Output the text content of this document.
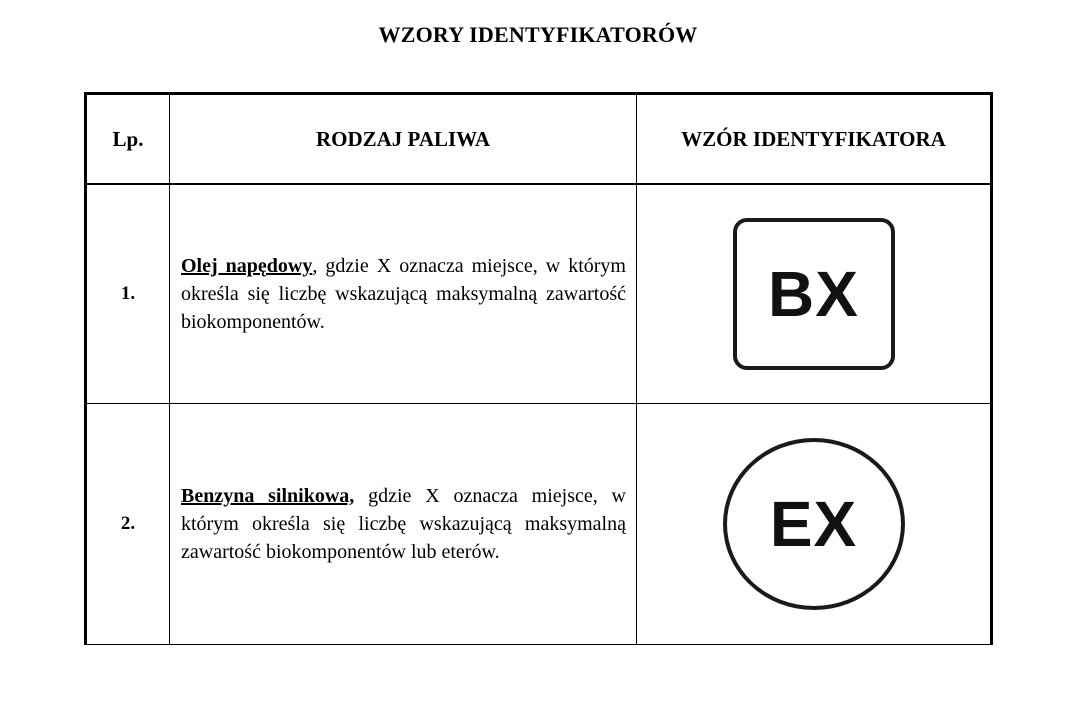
WZORY IDENTYFIKATORÓW
Lp.	RODZAJ PALIWA	WZÓR IDENTYFIKATORA
1.	Olej napędowy, gdzie X oznacza miejsce, w którym określa się liczbę wskazującą maksymalną zawartość biokomponentów.	BX
2.	Benzyna silnikowa, gdzie X oznacza miejsce, w którym określa się liczbę wskazującą maksymalną zawartość biokomponentów lub eterów.	EX
